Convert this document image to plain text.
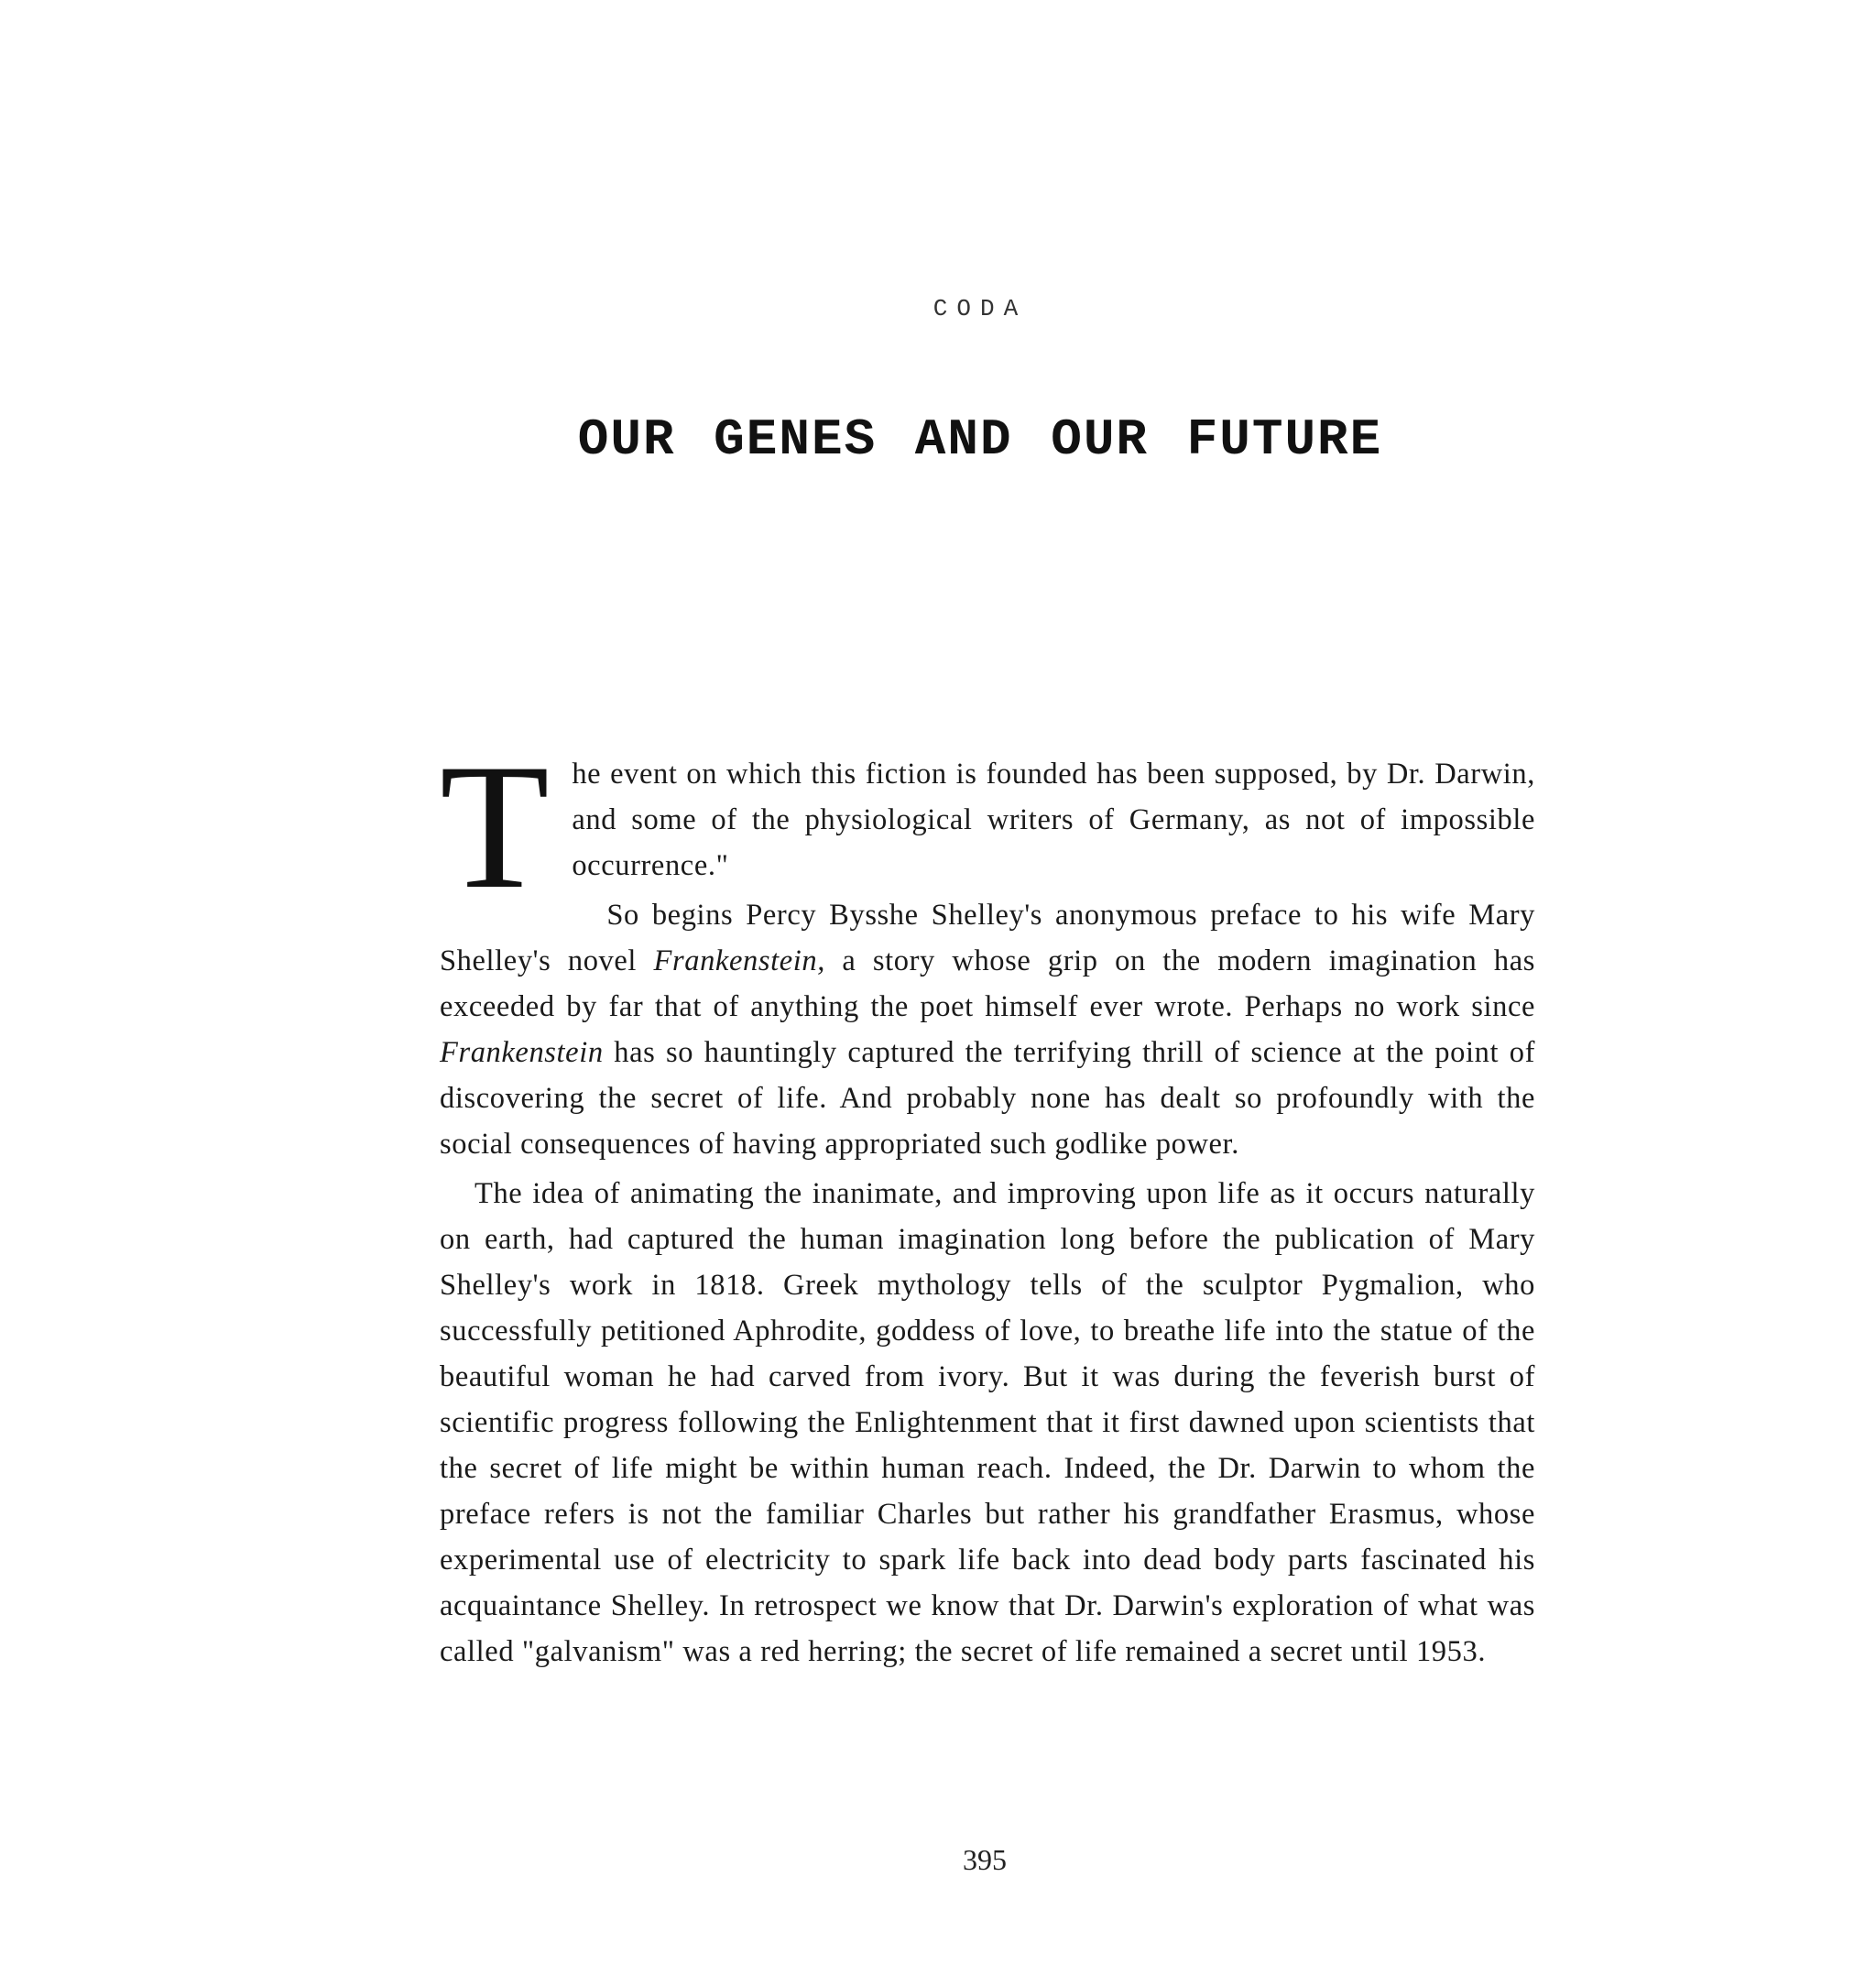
CODA
OUR GENES AND OUR FUTURE

The event on which this fiction is founded has been supposed, by Dr. Darwin, and some of the physiological writers of Germany, as not of impossible occurrence."

So begins Percy Bysshe Shelley's anonymous preface to his wife Mary Shelley's novel Frankenstein, a story whose grip on the modern imagination has exceeded by far that of anything the poet himself ever wrote. Perhaps no work since Frankenstein has so hauntingly captured the terrifying thrill of science at the point of discovering the secret of life. And probably none has dealt so profoundly with the social consequences of having appropriated such godlike power.

The idea of animating the inanimate, and improving upon life as it occurs naturally on earth, had captured the human imagination long before the publication of Mary Shelley's work in 1818. Greek mythology tells of the sculptor Pygmalion, who successfully petitioned Aphrodite, goddess of love, to breathe life into the statue of the beautiful woman he had carved from ivory. But it was during the feverish burst of scientific progress following the Enlightenment that it first dawned upon scientists that the secret of life might be within human reach. Indeed, the Dr. Darwin to whom the preface refers is not the familiar Charles but rather his grandfather Erasmus, whose experimental use of electricity to spark life back into dead body parts fascinated his acquaintance Shelley. In retrospect we know that Dr. Darwin's exploration of what was called "galvanism" was a red herring; the secret of life remained a secret until 1953.

395
